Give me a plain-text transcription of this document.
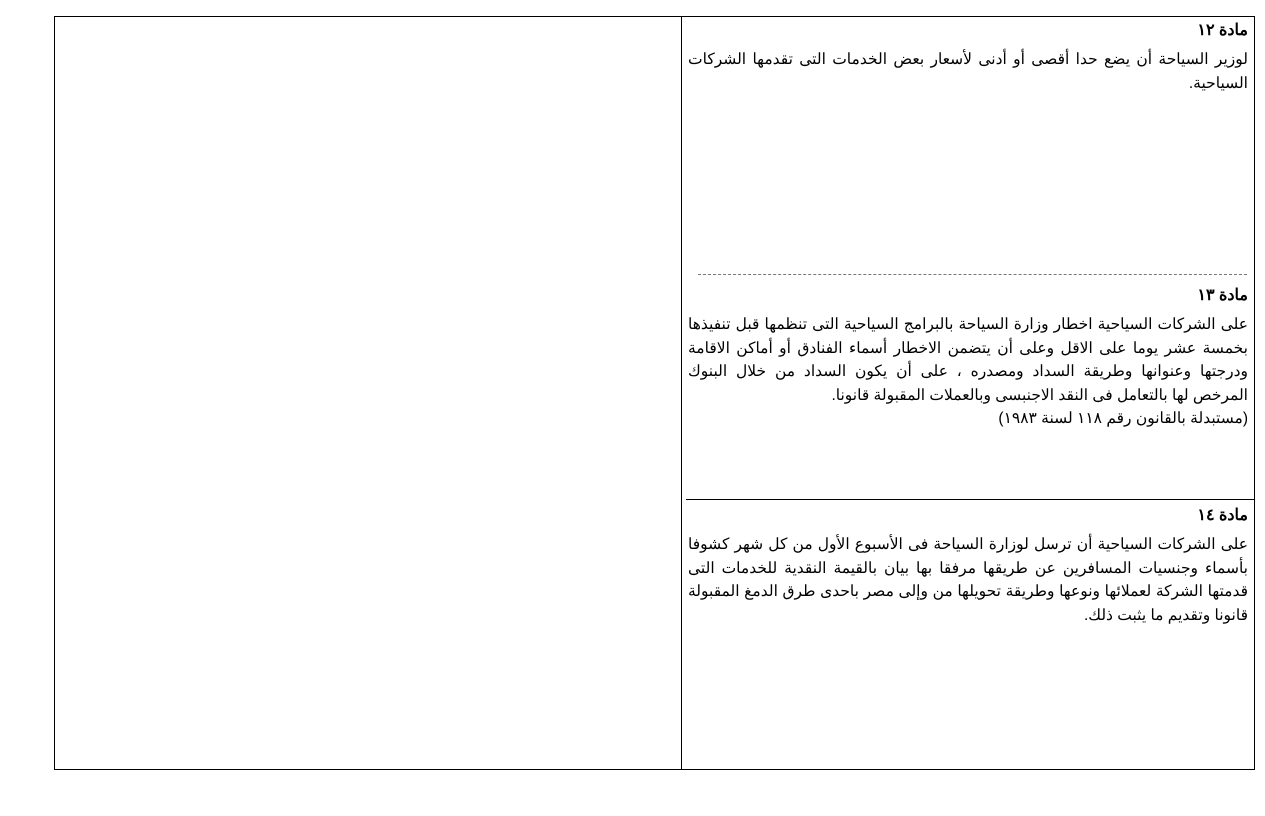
مادة ١٢

لوزير السياحة أن يضع حدا أقصى أو أدنى لأسعار بعض الخدمات التى تقدمها الشركات السياحية.

مادة ١٣

على الشركات السياحية اخطار وزارة السياحة بالبرامج السياحية التى تنظمها قبل تنفيذها بخمسة عشر يوما على الاقل وعلى أن يتضمن الاخطار أسماء الفنادق أو أماكن الاقامة ودرجتها وعنوانها وطريقة السداد ومصدره ، على أن يكون السداد من خلال البنوك المرخص لها بالتعامل فى النقد الاجنبسى وبالعملات المقبولة قانونا.

(مستبدلة بالقانون رقم ١١٨ لسنة ١٩٨٣)

مادة ١٤

على الشركات السياحية أن ترسل لوزارة السياحة فى الأسبوع الأول من كل شهر كشوفا بأسماء وجنسيات المسافرين عن طريقها مرفقا بها بيان بالقيمة النقدية للخدمات التى قدمتها الشركة لعملائها ونوعها وطريقة تحويلها من وإلى مصر باحدى طرق الدمغ المقبولة قانونا وتقديم ما يثبت ذلك.
